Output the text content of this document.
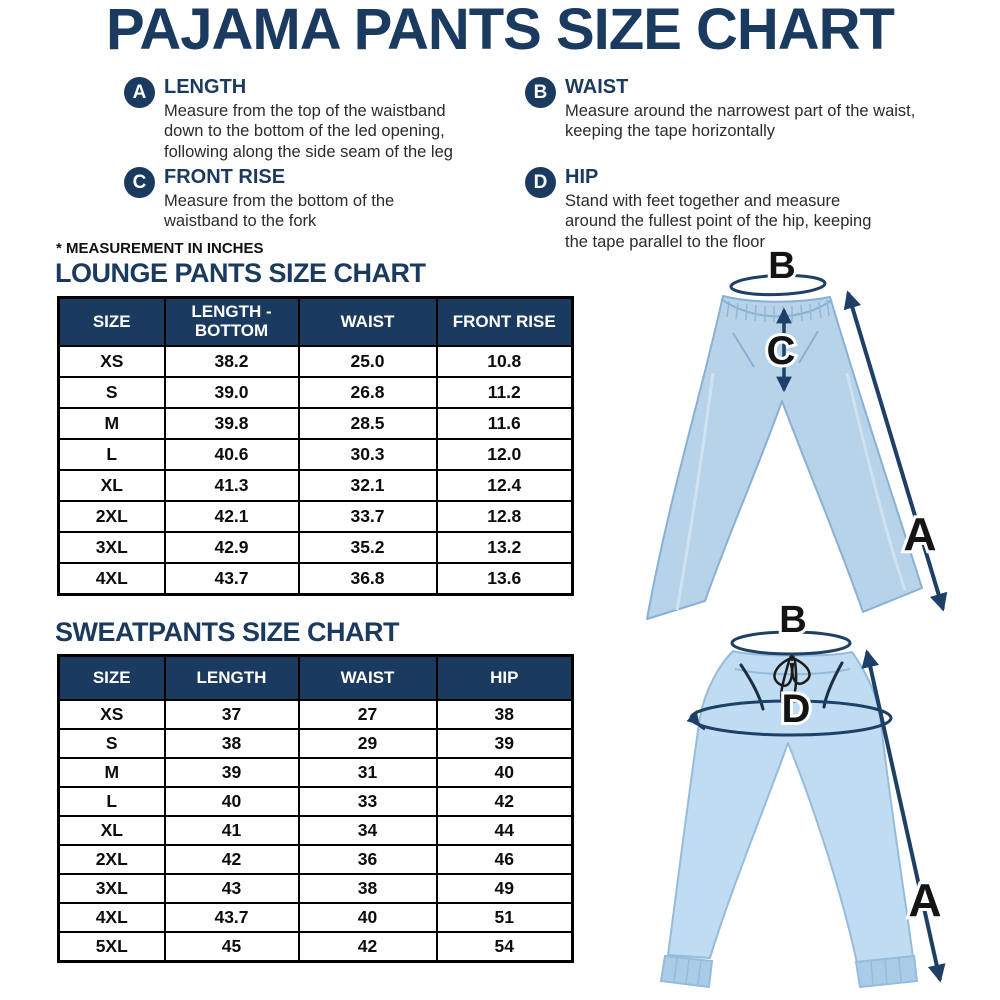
PAJAMA PANTS SIZE CHART
A LENGTH

Measure from the top of the waistband down to the bottom of the led opening, following along the side seam of the leg

B WAIST

Measure around the narrowest part of the waist, keeping the tape horizontally

C FRONT RISE

Measure from the bottom of the waistband to the fork

D HIP

Stand with feet together and measure around the fullest point of the hip, keeping the tape parallel to the floor

* MEASUREMENT IN INCHES
LOUNGE PANTS SIZE CHART
SWEATPANTS SIZE CHART
SIZE	LENGTH - BOTTOM	WAIST	FRONT RISE
XS	38.2	25.0	10.8
S	39.0	26.8	11.2
M	39.8	28.5	11.6
L	40.6	30.3	12.0
XL	41.3	32.1	12.4
2XL	42.1	33.7	12.8
3XL	42.9	35.2	13.2
4XL	43.7	36.8	13.6
SIZE	LENGTH	WAIST	HIP
XS	37	27	38
S	38	29	39
M	39	31	40
L	40	33	42
XL	41	34	44
2XL	42	36	46
3XL	43	38	49
4XL	43.7	40	51
5XL	45	42	54
B
C
A
B
D
A
